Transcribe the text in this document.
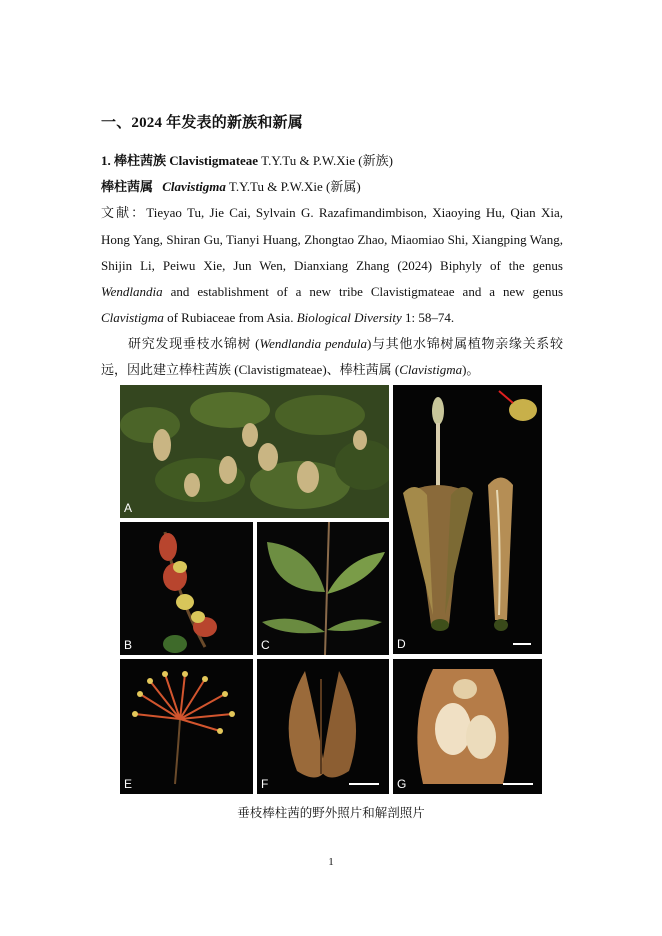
一、2024 年发表的新族和新属
1. 棒柱茜族 Clavistigmateae T.Y.Tu & P.W.Xie (新族)
棒柱茜属 Clavistigma T.Y.Tu & P.W.Xie (新属)
文献：Tieyao Tu, Jie Cai, Sylvain G. Razafimandimbison, Xiaoying Hu, Qian Xia,
Hong Yang, Shiran Gu, Tianyi Huang, Zhongtao Zhao, Miaomiao Shi, Xiangping Wang,
Shijin Li, Peiwu Xie, Jun Wen, Dianxiang Zhang (2024) Biphyly of the genus
Wendlandia and establishment of a new tribe Clavistigmateae and a new genus
Clavistigma of Rubiaceae from Asia. Biological Diversity 1: 58–74.
研究发现垂枝水锦树 (Wendlandia pendula)与其他水锦树属植物亲缘关系较
远，因此建立棒柱茜族 (Clavistigmateae)、棒柱茜属 (Clavistigma)。
A
D
B	C
E	F	G
垂枝棒柱茜的野外照片和解剖照片
1
